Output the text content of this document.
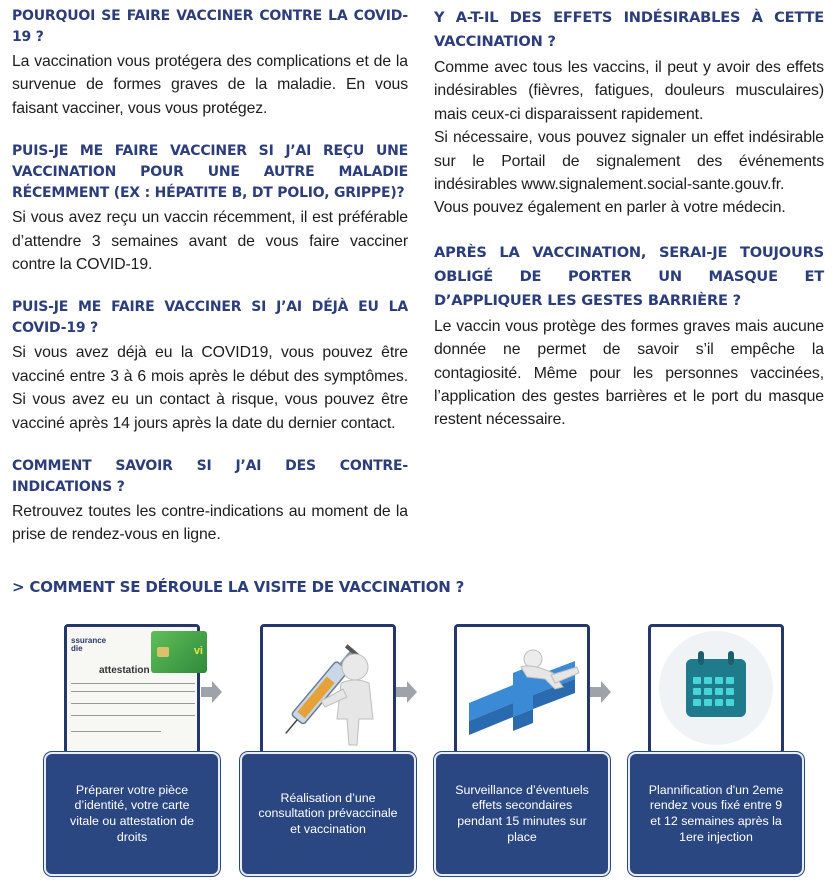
POURQUOI SE FAIRE VACCINER CONTRE LA COVID-19 ?

La vaccination vous protégera des complications et de la survenue de formes graves de la maladie. En vous faisant vacciner, vous vous protégez.

PUIS-JE ME FAIRE VACCINER SI J’AI REÇU UNE VACCINATION POUR UNE AUTRE MALADIE RÉCEMMENT (EX : HÉPATITE B, DT POLIO, GRIPPE)?

Si vous avez reçu un vaccin récemment, il est préférable d’attendre 3 semaines avant de vous faire vacciner contre la COVID-19.

PUIS-JE ME FAIRE VACCINER SI J’AI DÉJÀ EU LA COVID-19 ?

Si vous avez déjà eu la COVID19, vous pouvez être vacciné entre 3 à 6 mois après le début des symptômes. Si vous avez eu un contact à risque, vous pouvez être vacciné après 14 jours après la date du dernier contact.

COMMENT SAVOIR SI J’AI DES CONTRE-INDICATIONS ?

Retrouvez toutes les contre-indications au moment de la prise de rendez-vous en ligne.

Y A-T-IL DES EFFETS INDÉSIRABLES À CETTE VACCINATION ?

Comme avec tous les vaccins, il peut y avoir des effets indésirables (fièvres, fatigues, douleurs musculaires) mais ceux-ci disparaissent rapidement.

Si nécessaire, vous pouvez signaler un effet indésirable sur le Portail de signalement des événements indésirables www.signalement.social-sante.gouv.fr.

Vous pouvez également en parler à votre médecin.

APRÈS LA VACCINATION, SERAI-JE TOUJOURS OBLIGÉ DE PORTER UN MASQUE ET D’APPLIQUER LES GESTES BARRIÈRE ?

Le vaccin vous protège des formes graves mais aucune donnée ne permet de savoir s’il empêche la contagiosité. Même pour les personnes vaccinées, l’application des gestes barrières et le port du masque restent nécessaire.

> COMMENT SE DÉROULE LA VISITE DE VACCINATION ?
ssurance
die
attestation
vi
Préparer votre pièce d’identité, votre carte vitale ou attestation de droits
Réalisation d’une consultation prévaccinale et vaccination
Surveillance d’éventuels effets secondaires pendant 15 minutes sur place
Plannification d'un 2eme rendez vous fixé entre 9 et 12 semaines après la 1ere injection
